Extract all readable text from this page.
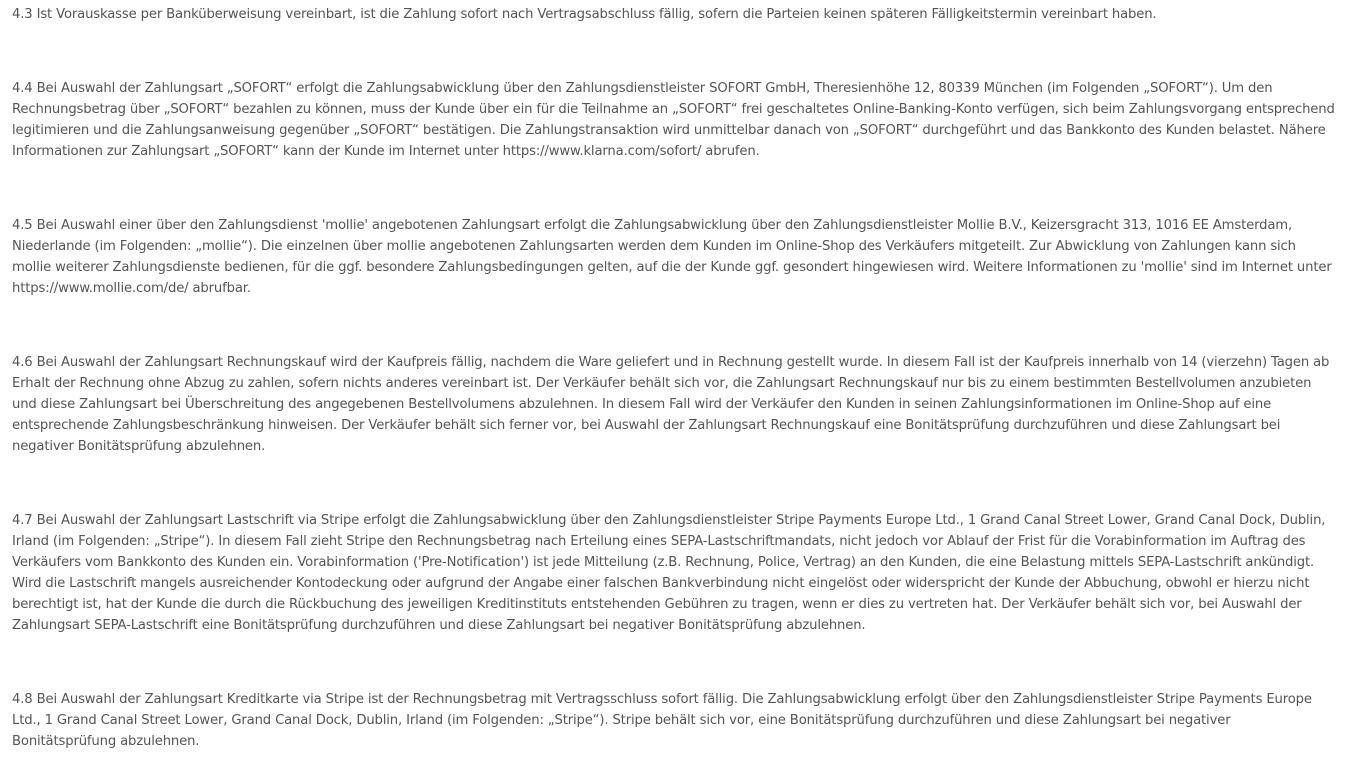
4.3 Ist Vorauskasse per Banküberweisung vereinbart, ist die Zahlung sofort nach Vertragsabschluss fällig, sofern die Parteien keinen späteren Fälligkeitstermin vereinbart haben.

4.4 Bei Auswahl der Zahlungsart „SOFORT“ erfolgt die Zahlungsabwicklung über den Zahlungsdienstleister SOFORT GmbH, Theresienhöhe 12, 80339 München (im Folgenden „SOFORT“). Um den Rechnungsbetrag über „SOFORT“ bezahlen zu können, muss der Kunde über ein für die Teilnahme an „SOFORT“ frei geschaltetes Online-Banking-Konto verfügen, sich beim Zahlungsvorgang entsprechend legitimieren und die Zahlungsanweisung gegenüber „SOFORT“ bestätigen. Die Zahlungstransaktion wird unmittelbar danach von „SOFORT“ durchgeführt und das Bankkonto des Kunden belastet. Nähere Informationen zur Zahlungsart „SOFORT“ kann der Kunde im Internet unter https://www.klarna.com/sofort/ abrufen.

4.5 Bei Auswahl einer über den Zahlungsdienst 'mollie' angebotenen Zahlungsart erfolgt die Zahlungsabwicklung über den Zahlungsdienstleister Mollie B.V., Keizersgracht 313, 1016 EE Amsterdam, Niederlande (im Folgenden: „mollie“). Die einzelnen über mollie angebotenen Zahlungsarten werden dem Kunden im Online-Shop des Verkäufers mitgeteilt. Zur Abwicklung von Zahlungen kann sich mollie weiterer Zahlungsdienste bedienen, für die ggf. besondere Zahlungsbedingungen gelten, auf die der Kunde ggf. gesondert hingewiesen wird. Weitere Informationen zu 'mollie' sind im Internet unter https://www.mollie.com/de/ abrufbar.

4.6 Bei Auswahl der Zahlungsart Rechnungskauf wird der Kaufpreis fällig, nachdem die Ware geliefert und in Rechnung gestellt wurde. In diesem Fall ist der Kaufpreis innerhalb von 14 (vierzehn) Tagen ab Erhalt der Rechnung ohne Abzug zu zahlen, sofern nichts anderes vereinbart ist. Der Verkäufer behält sich vor, die Zahlungsart Rechnungskauf nur bis zu einem bestimmten Bestellvolumen anzubieten und diese Zahlungsart bei Überschreitung des angegebenen Bestellvolumens abzulehnen. In diesem Fall wird der Verkäufer den Kunden in seinen Zahlungsinformationen im Online-Shop auf eine entsprechende Zahlungsbeschränkung hinweisen. Der Verkäufer behält sich ferner vor, bei Auswahl der Zahlungsart Rechnungskauf eine Bonitätsprüfung durchzuführen und diese Zahlungsart bei negativer Bonitätsprüfung abzulehnen.

4.7 Bei Auswahl der Zahlungsart Lastschrift via Stripe erfolgt die Zahlungsabwicklung über den Zahlungsdienstleister Stripe Payments Europe Ltd., 1 Grand Canal Street Lower, Grand Canal Dock, Dublin, Irland (im Folgenden: „Stripe“). In diesem Fall zieht Stripe den Rechnungsbetrag nach Erteilung eines SEPA-Lastschriftmandats, nicht jedoch vor Ablauf der Frist für die Vorabinformation im Auftrag des Verkäufers vom Bankkonto des Kunden ein. Vorabinformation ('Pre-Notification') ist jede Mitteilung (z.B. Rechnung, Police, Vertrag) an den Kunden, die eine Belastung mittels SEPA-Lastschrift ankündigt. Wird die Lastschrift mangels ausreichender Kontodeckung oder aufgrund der Angabe einer falschen Bankverbindung nicht eingelöst oder widerspricht der Kunde der Abbuchung, obwohl er hierzu nicht berechtigt ist, hat der Kunde die durch die Rückbuchung des jeweiligen Kreditinstituts entstehenden Gebühren zu tragen, wenn er dies zu vertreten hat. Der Verkäufer behält sich vor, bei Auswahl der Zahlungsart SEPA-Lastschrift eine Bonitätsprüfung durchzuführen und diese Zahlungsart bei negativer Bonitätsprüfung abzulehnen.

4.8 Bei Auswahl der Zahlungsart Kreditkarte via Stripe ist der Rechnungsbetrag mit Vertragsschluss sofort fällig. Die Zahlungsabwicklung erfolgt über den Zahlungsdienstleister Stripe Payments Europe Ltd., 1 Grand Canal Street Lower, Grand Canal Dock, Dublin, Irland (im Folgenden: „Stripe“). Stripe behält sich vor, eine Bonitätsprüfung durchzuführen und diese Zahlungsart bei negativer Bonitätsprüfung abzulehnen.
